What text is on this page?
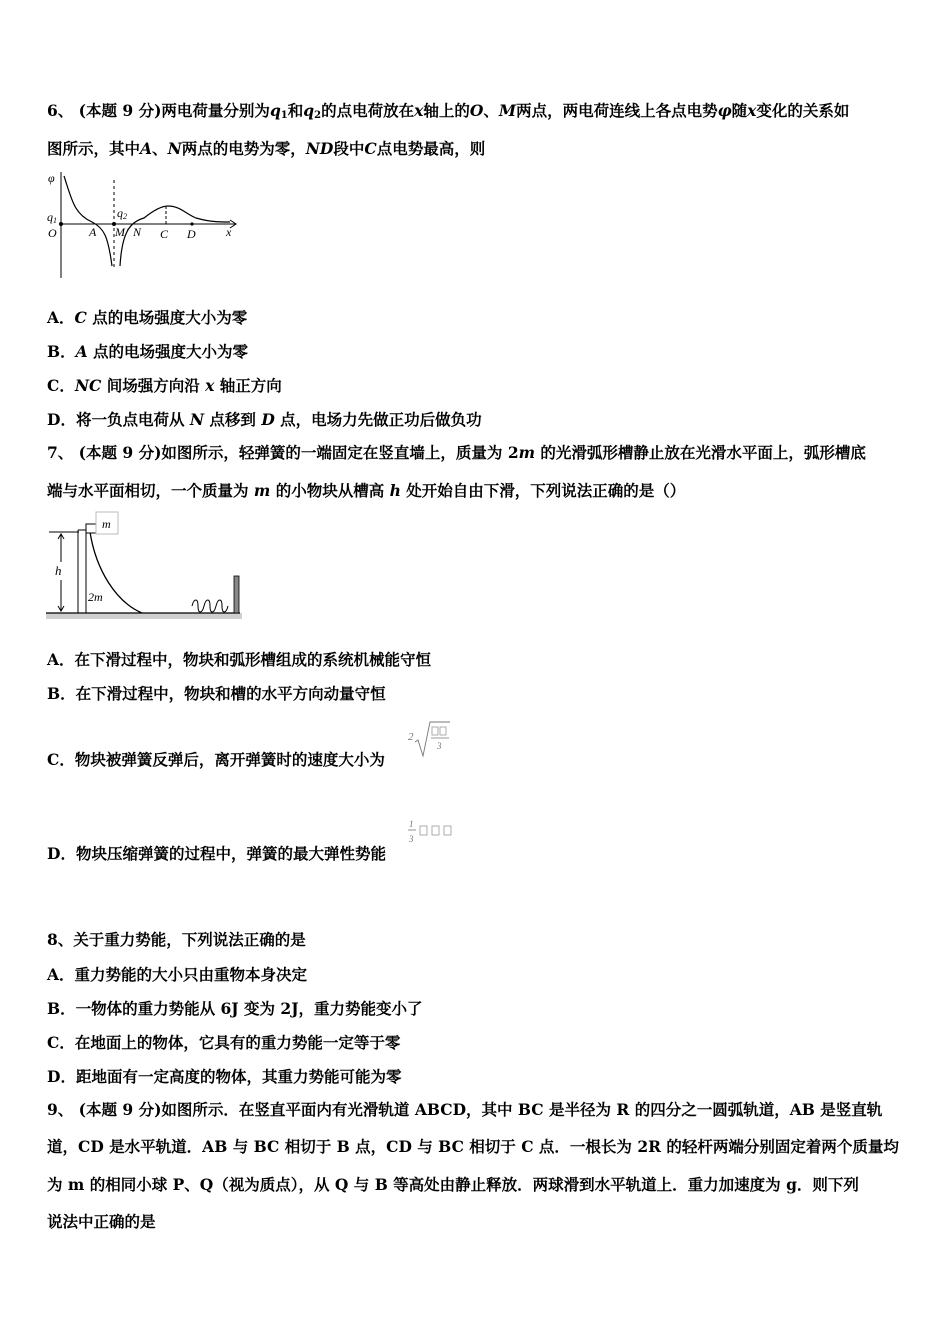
6、 (本题 9 分)两电荷量分别为$q_1$和$q_2$的点电荷放在x轴上的O、M两点，两电荷连线上各点电势φ随x变化的关系如
图所示，其中A、N两点的电势为零，ND段中C点电势最高，则
φ
q1
q2
O	A M N C D	x
/
A．C 点的电场强度大小为零
B．A 点的电场强度大小为零
C．NC 间场强方向沿 x 轴正方向
D．将一负点电荷从 N 点移到 D 点，电场力先做正功后做负功
7、 (本题 9 分)如图所示，轻弹簧的一端固定在竖直墙上，质量为 2m 的光滑弧形槽静止放在光滑水平面上，弧形槽底
端与水平面相切，一个质量为 m 的小物块从槽高 h 处开始自由下滑，下列说法正确的是（）
h
m
2m
A．在下滑过程中，物块和弧形槽组成的系统机械能守恒
B．在下滑过程中，物块和槽的水平方向动量守恒
C．物块被弹簧反弹后，离开弹簧时的速度大小为
2
3
D．物块压缩弹簧的过程中，弹簧的最大弹性势能
1
3
8、关于重力势能，下列说法正确的是
A．重力势能的大小只由重物本身决定
B．一物体的重力势能从 6J 变为 2J，重力势能变小了
C．在地面上的物体，它具有的重力势能一定等于零
D．距地面有一定高度的物体，其重力势能可能为零
9、 (本题 9 分)如图所示．在竖直平面内有光滑轨道 ABCD，其中 BC 是半径为 R 的四分之一圆弧轨道，AB 是竖直轨
道，CD 是水平轨道．AB 与 BC 相切于 B 点，CD 与 BC 相切于 C 点．一根长为 2R 的轻杆两端分别固定着两个质量均
为 m 的相同小球 P、Q（视为质点），从 Q 与 B 等高处由静止释放．两球滑到水平轨道上．重力加速度为 g．则下列
说法中正确的是
